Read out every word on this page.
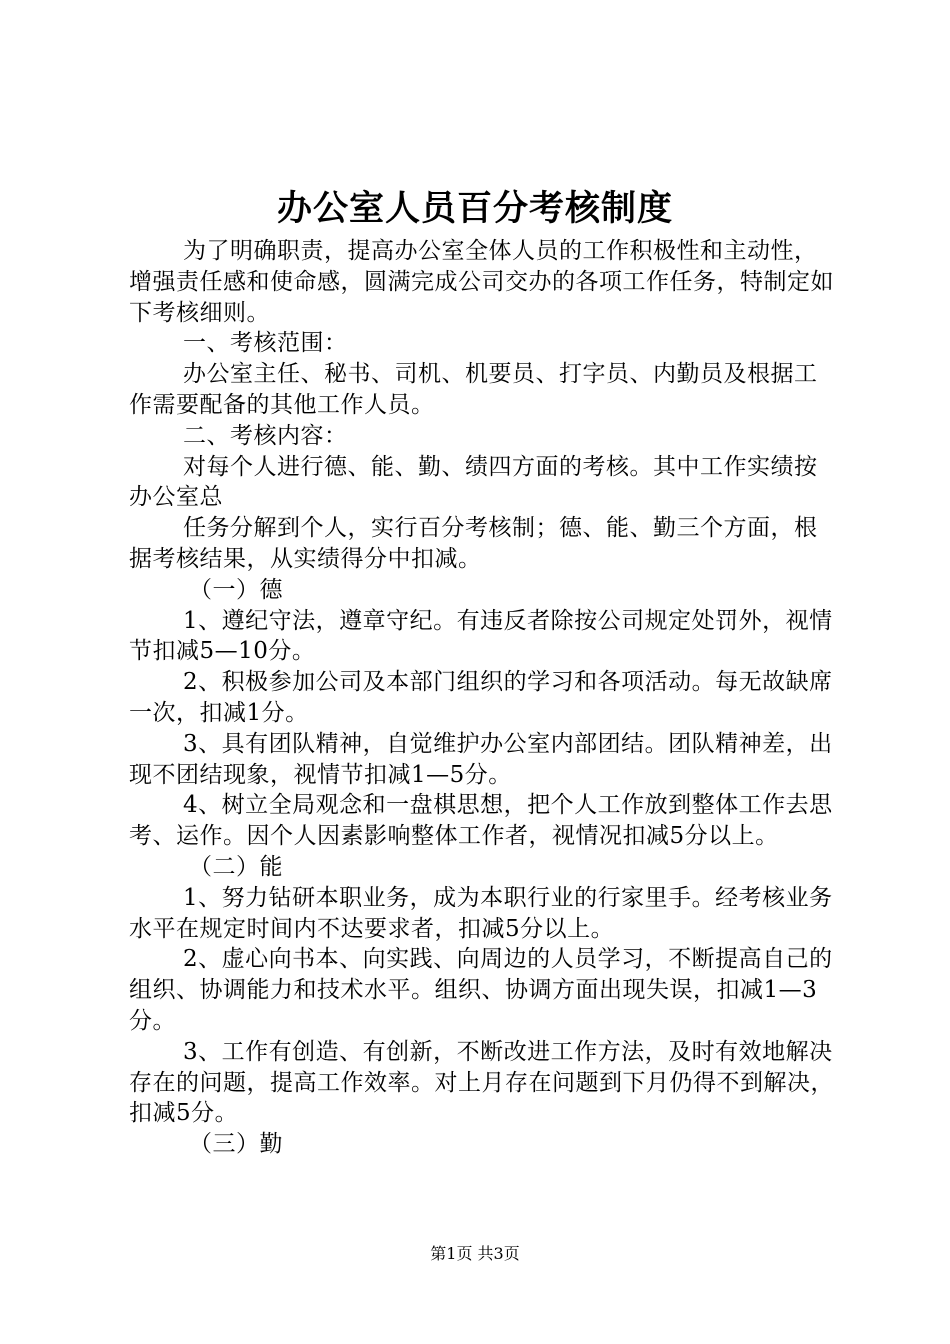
办公室人员百分考核制度

为了明确职责，提高办公室全体人员的工作积极性和主动性，增强责任感和使命感，圆满完成公司交办的各项工作任务，特制定如下考核细则。

一、考核范围：

办公室主任、秘书、司机、机要员、打字员、内勤员及根据工作需要配备的其他工作人员。

二、考核内容：

对每个人进行德、能、勤、绩四方面的考核。其中工作实绩按办公室总

任务分解到个人，实行百分考核制；德、能、勤三个方面，根据考核结果，从实绩得分中扣减。

（一）德

1、遵纪守法，遵章守纪。有违反者除按公司规定处罚外，视情节扣减5—10分。

2、积极参加公司及本部门组织的学习和各项活动。每无故缺席一次，扣减1分。

3、具有团队精神，自觉维护办公室内部团结。团队精神差，出现不团结现象，视情节扣减1—5分。

4、树立全局观念和一盘棋思想，把个人工作放到整体工作去思考、运作。因个人因素影响整体工作者，视情况扣减5分以上。

（二）能

1、努力钻研本职业务，成为本职行业的行家里手。经考核业务水平在规定时间内不达要求者，扣减5分以上。

2、虚心向书本、向实践、向周边的人员学习，不断提高自己的组织、协调能力和技术水平。组织、协调方面出现失误，扣减1—3分。

3、工作有创造、有创新，不断改进工作方法，及时有效地解决存在的问题，提高工作效率。对上月存在问题到下月仍得不到解决，扣减5分。

（三）勤

第1页 共3页
